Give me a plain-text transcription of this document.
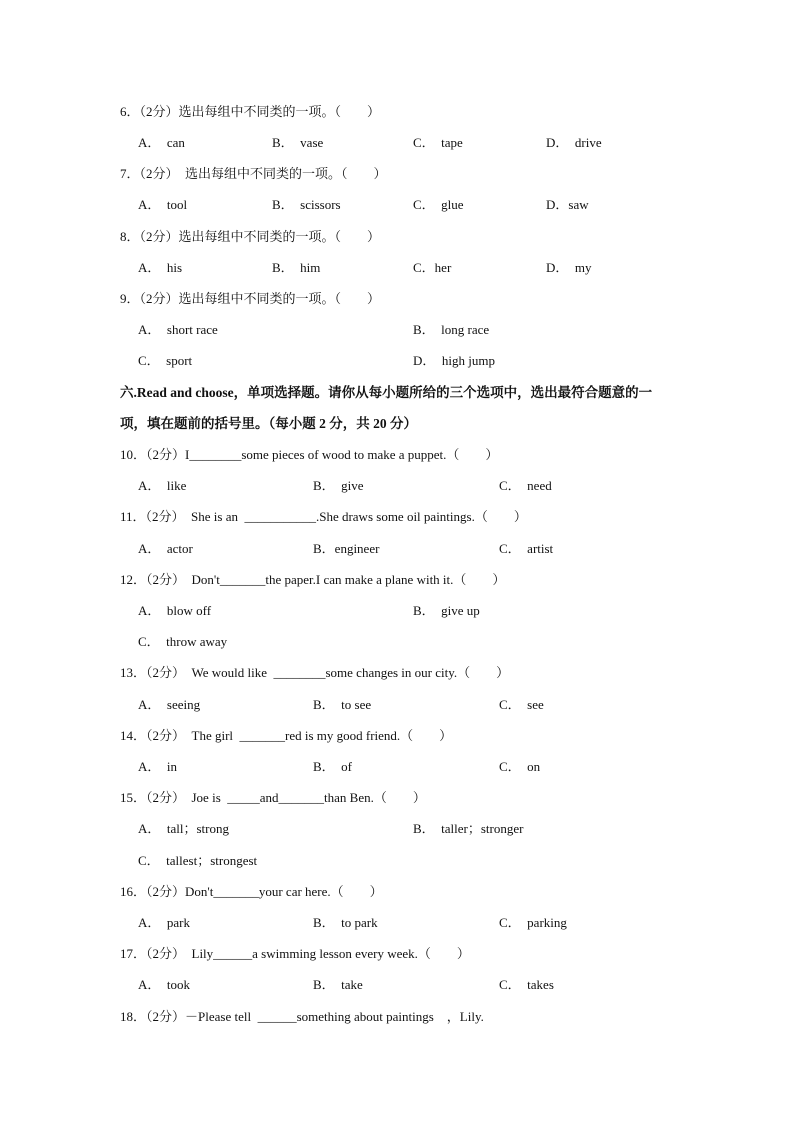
6．（2分）选出每组中不同类的一项。（　　）
A．　can	B．　vase	C．　tape	D．　drive
7．（2分）　选出每组中不同类的一项。（　　）
A．　tool	B．　scissors	C．　glue	D．saw
8．（2分）选出每组中不同类的一项。（　　）
A．　his	B．　him	C．her	D．　my
9．（2分）选出每组中不同类的一项。（　　）
A．　short race	B．　long race
C．　sport	D．　high jump
六.Read and choose，单项选择题。请你从每小题所给的三个选项中，选出最符合题意的一
项，填在题前的括号里。（每小题 2 分，共 20 分）
10．（2分）I________some pieces of wood to make a puppet.（　　）
A．　like	B．　give	C．　need
11．（2分）　She is an  ___________.She draws some oil paintings.（　　）
A．　actor	B．engineer	C．　artist
12．（2分）　Don't_______the paper.I can make a plane with it.（　　）
A．　blow off	B．　give up
C．　throw away
13．（2分）　We would like  ________some changes in our city.（　　）
A．　seeing	B．　to see	C．　see
14．（2分）　The girl  _______red is my good friend.（　　）
A．　in	B．　of	C．　on
15．（2分）　Joe is  _____and_______than Ben.（　　）
A．　tall；strong	B．　taller；stronger
C．　tallest；strongest
16．（2分）Don't_______your car here.（　　）
A．　park	B．　to park	C．　parking
17．（2分）　Lily______a swimming lesson every week.（　　）
A．　took	B．　take	C．　takes
18．（2分）－Please tell  ______something about paintings　，Lily.
